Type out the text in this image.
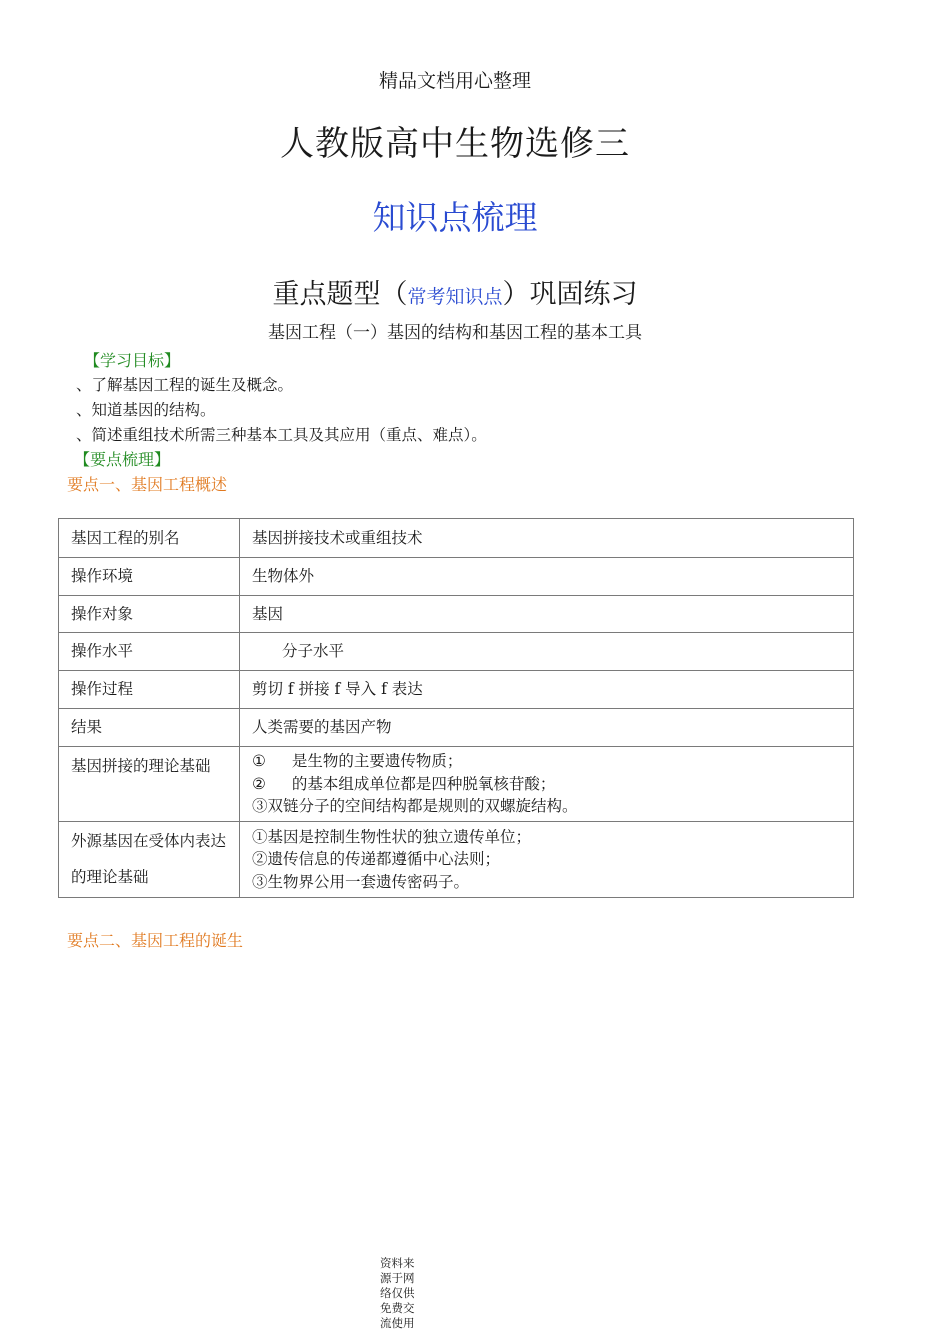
精品文档用心整理
人教版高中生物选修三
知识点梳理
重点题型（常考知识点）巩固练习
基因工程（一）基因的结构和基因工程的基本工具
【学习目标】
、了解基因工程的诞生及概念。
、知道基因的结构。
、简述重组技术所需三种基本工具及其应用（重点、难点）。
【要点梳理】
要点一、基因工程概述
基因工程的别名	基因拼接技术或重组技术
操作环境	生物体外
操作对象	基因
操作水平	分子水平
操作过程	剪切 f 拼接 f 导入 f 表达
结果	人类需要的基因产物
基因拼接的理论基础	① 是生物的主要遗传物质；
② 的基本组成单位都是四种脱氧核苷酸；
③双链分子的空间结构都是规则的双螺旋结构。

外源基因在受体内表达的理论基础	①基因是控制生物性状的独立遗传单位；
②遗传信息的传递都遵循中心法则；
③生物界公用一套遗传密码子。
要点二、基因工程的诞生
资料来源于网络仅供免费交流使用
